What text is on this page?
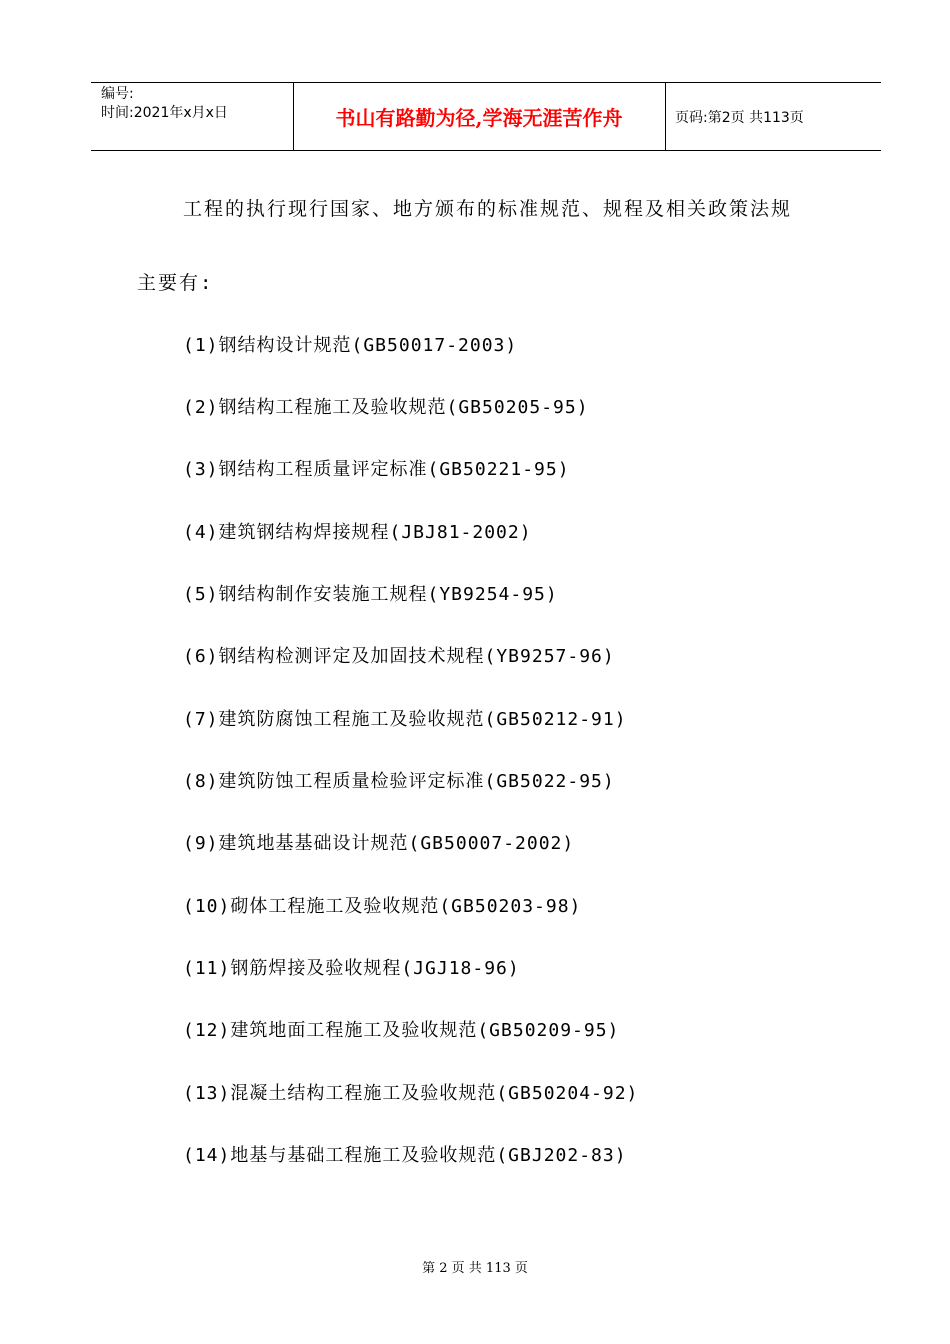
编号:
时间:2021年x月x日	书山有路勤为径,学海无涯苦作舟	页码:第2页 共113页
工程的执行现行国家、地方颁布的标准规范、规程及相关政策法规
主要有:
(1)钢结构设计规范(GB50017-2003)
(2)钢结构工程施工及验收规范(GB50205-95)
(3)钢结构工程质量评定标准(GB50221-95)
(4)建筑钢结构焊接规程(JBJ81-2002)
(5)钢结构制作安装施工规程(YB9254-95)
(6)钢结构检测评定及加固技术规程(YB9257-96)
(7)建筑防腐蚀工程施工及验收规范(GB50212-91)
(8)建筑防蚀工程质量检验评定标准(GB5022-95)
(9)建筑地基基础设计规范(GB50007-2002)
(10)砌体工程施工及验收规范(GB50203-98)
(11)钢筋焊接及验收规程(JGJ18-96)
(12)建筑地面工程施工及验收规范(GB50209-95)
(13)混凝土结构工程施工及验收规范(GB50204-92)
(14)地基与基础工程施工及验收规范(GBJ202-83)
第 2 页 共 113 页
